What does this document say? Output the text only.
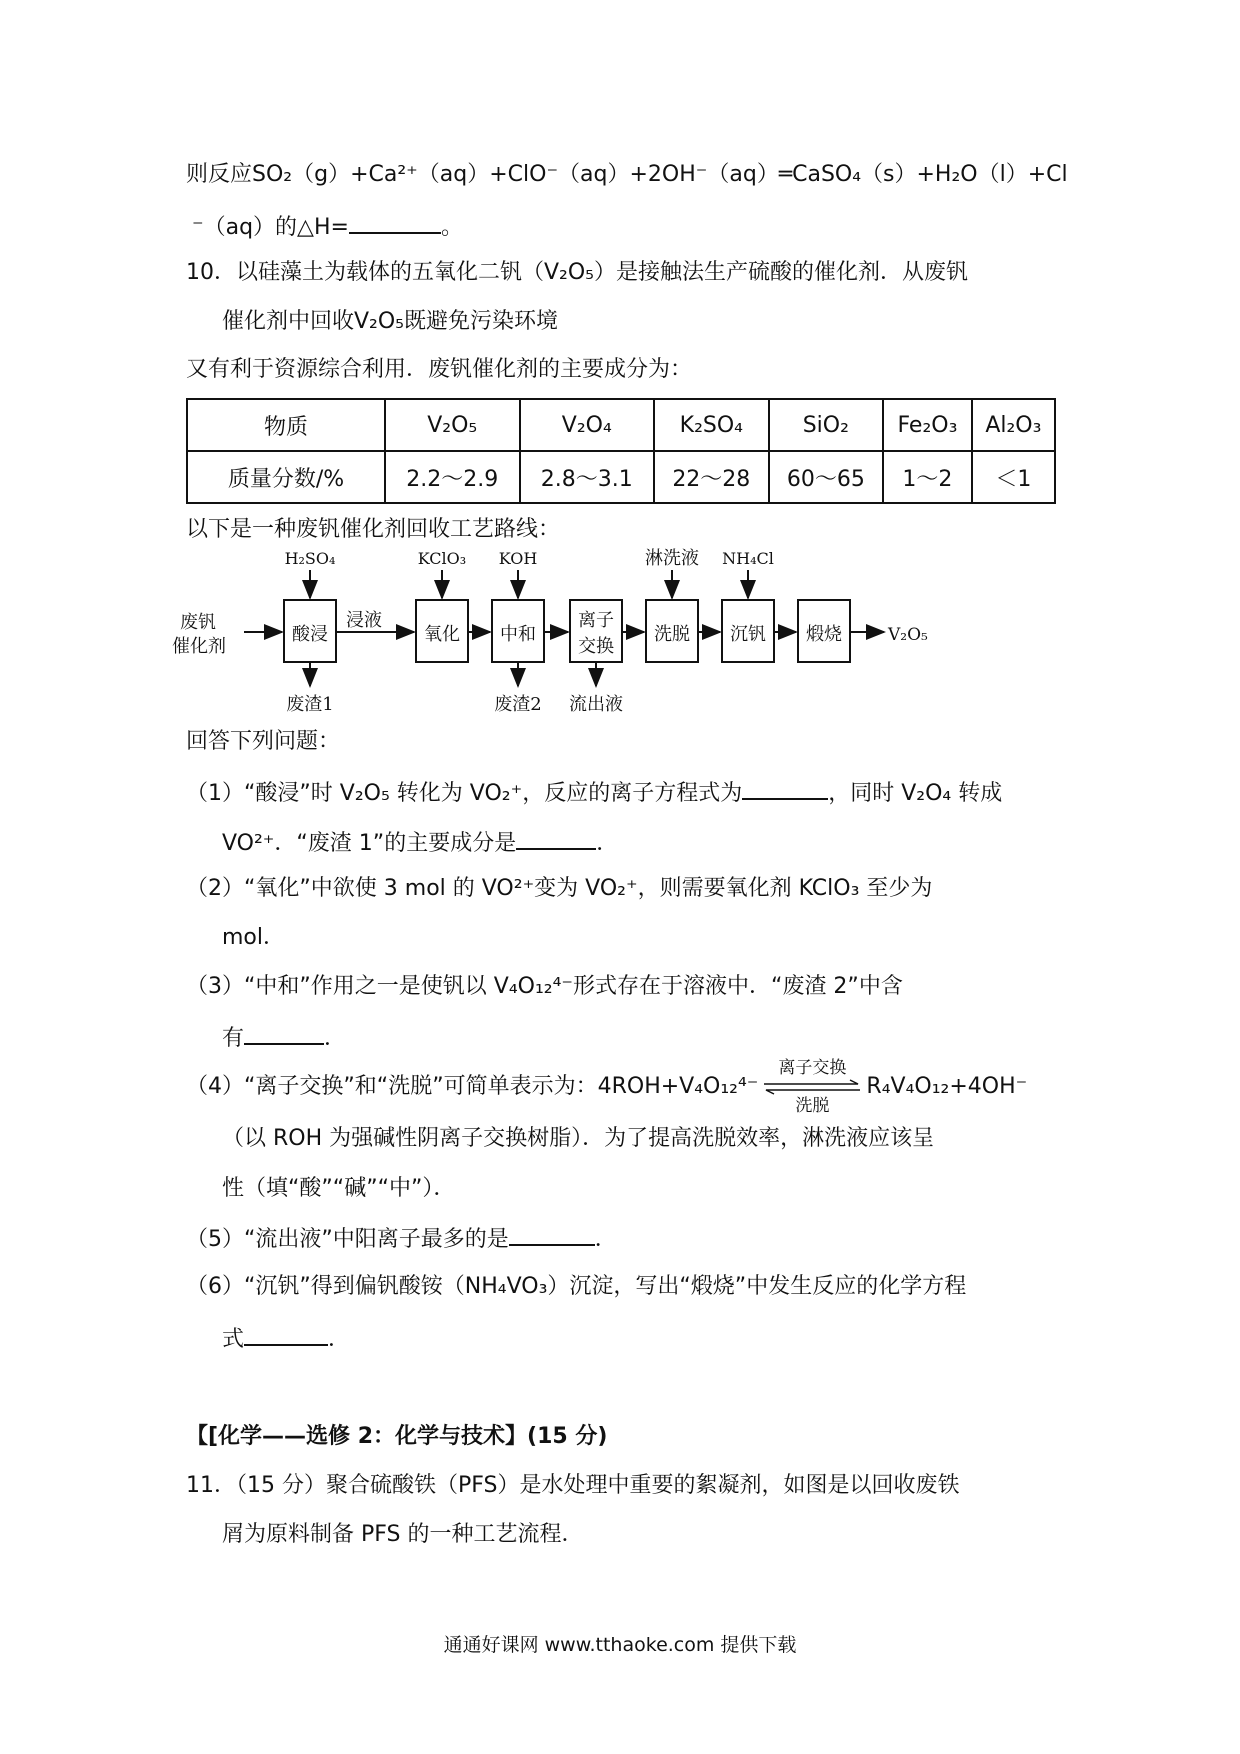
则反应SO₂（g）+Ca²⁺（aq）+ClO⁻（aq）+2OH⁻（aq）═CaSO₄（s）+H₂O（l）+Cl
⁻（aq）的△H=	。
10．以硅藻土为载体的五氧化二钒（V₂O₅）是接触法生产硫酸的催化剂．从废钒
催化剂中回收V₂O₅既避免污染环境
又有利于资源综合利用．废钒催化剂的主要成分为：
物质	V₂O₅	V₂O₄	K₂SO₄	SiO₂	Fe₂O₃	Al₂O₃
质量分数/%	2.2～2.9	2.8～3.1	22～28	60～65	1～2	＜1
以下是一种废钒催化剂回收工艺路线：
废钒
催化剂
浸液
酸浸	氧化 中和
离子
交换
洗脱 沉钒 煅烧
H₂SO₄	KClO₃ KOH	淋洗液 NH₄Cl
废渣1	废渣2 流出液
V₂O₅
回答下列问题：
（1）“酸浸”时 V₂O₅ 转化为 VO₂⁺，反应的离子方程式为	，同时 V₂O₄ 转成
VO²⁺．“废渣 1”的主要成分是	．
（2）“氧化”中欲使 3 mol 的 VO²⁺变为 VO₂⁺，则需要氧化剂 KClO₃ 至少为
mol．
（3）“中和”作用之一是使钒以 V₄O₁₂⁴⁻形式存在于溶液中．“废渣 2”中含
有	．
（4）“离子交换”和“洗脱”可简单表示为：4ROH+V₄O₁₂⁴⁻
离子交换
洗脱
R₄V₄O₁₂+4OH⁻
（以 ROH 为强碱性阴离子交换树脂）．为了提高洗脱效率，淋洗液应该呈
性（填“酸”“碱”“中”）．
（5）“流出液”中阳离子最多的是	．
（6）“沉钒”得到偏钒酸铵（NH₄VO₃）沉淀，写出“煅烧”中发生反应的化学方程
式	．
【[化学——选修 2：化学与技术】(15 分)
11．（15 分）聚合硫酸铁（PFS）是水处理中重要的絮凝剂，如图是以回收废铁
屑为原料制备 PFS 的一种工艺流程．
通通好课网 www.tthaoke.com 提供下载
